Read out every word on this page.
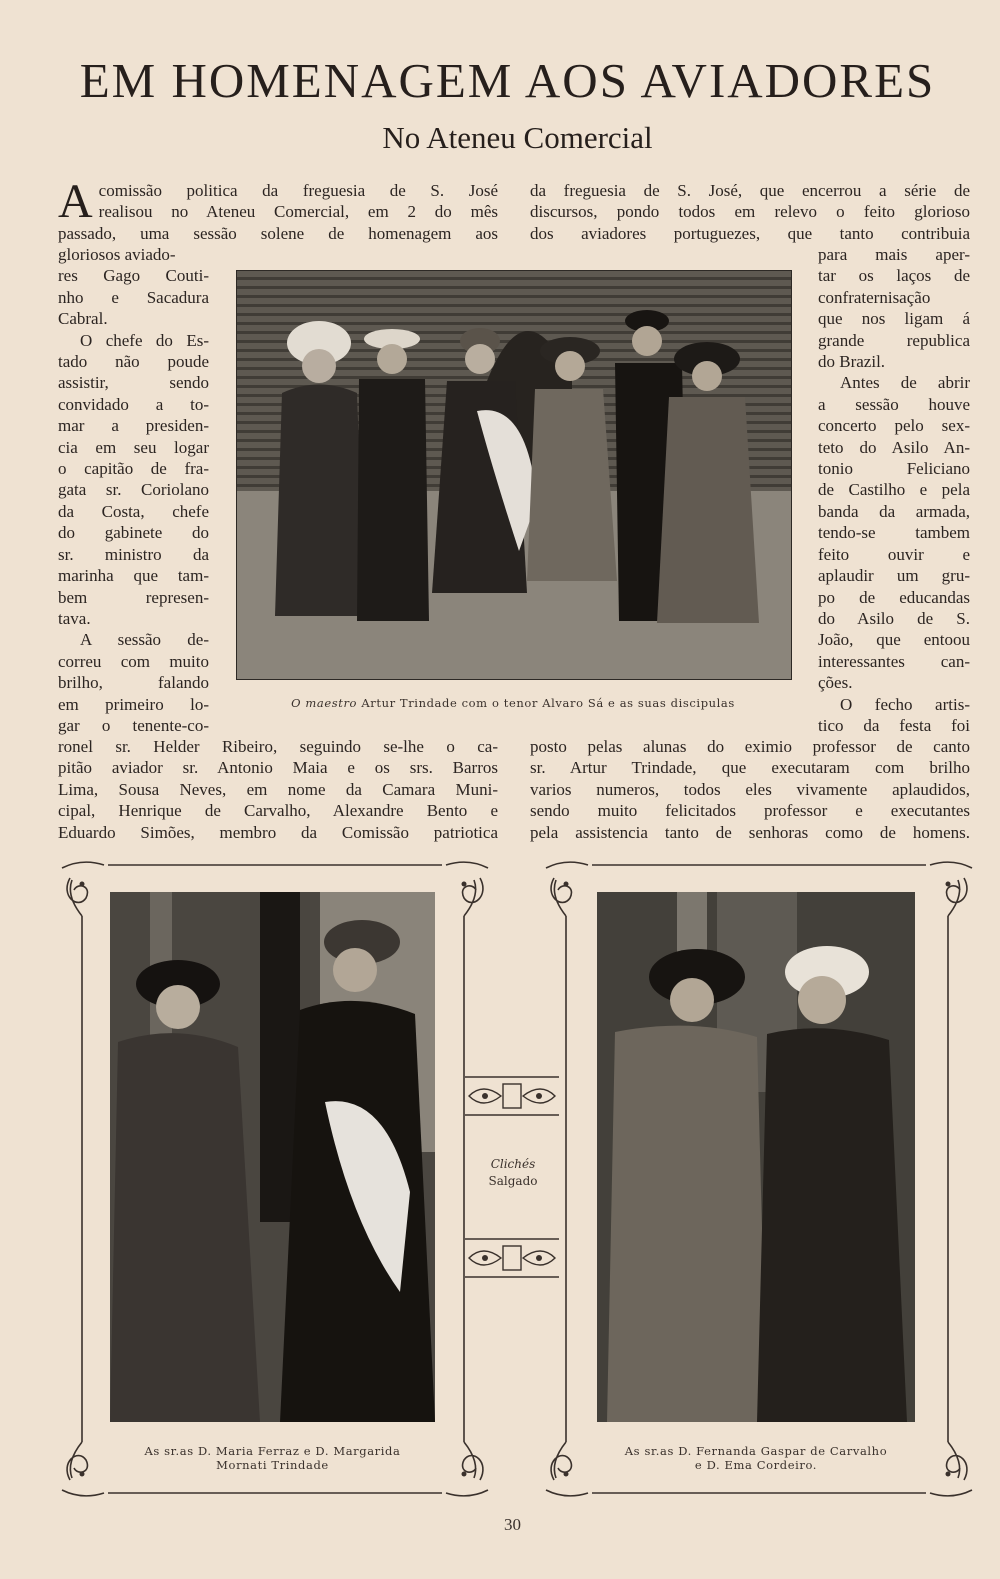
EM HOMENAGEM AOS AVIADORES
No Ateneu Comercial
A comissão politica da freguesia de S. José

realisou no Ateneu Comercial, em 2 do mês

passado, uma sessão solene de homenagem aos

gloriosos aviado-

res Gago Couti-

nho e Sacadura

Cabral.

O chefe do Es-

tado não poude

assistir, sendo

convidado a to-

mar a presiden-

cia em seu logar

o capitão de fra-

gata sr. Coriolano

da Costa, chefe

do gabinete do

sr. ministro da

marinha que tam-

bem represen-

tava.

A sessão de-

correu com muito

brilho, falando

em primeiro lo-

gar o tenente-co-

ronel sr. Helder Ribeiro, seguindo se-lhe o ca-

pitão aviador sr. Antonio Maia e os srs. Barros

Lima, Sousa Neves, em nome da Camara Muni-

cipal, Henrique de Carvalho, Alexandre Bento e

Eduardo Simões, membro da Comissão patriotica

da freguesia de S. José, que encerrou a série de

discursos, pondo todos em relevo o feito glorioso

dos aviadores portuguezes, que tanto contribuia

para mais aper-

tar os laços de

confraternisação

que nos ligam á

grande republica

do Brazil.

Antes de abrir

a sessão houve

concerto pelo sex-

teto do Asilo An-

tonio Feliciano

de Castilho e pela

banda da armada,

tendo-se tambem

feito ouvir e

aplaudir um gru-

po de educandas

do Asilo de S.

João, que entoou

interessantes can-

ções.

O fecho artis-

tico da festa foi

posto pelas alunas do eximio professor de canto

sr. Artur Trindade, que executaram com brilho

varios numeros, todos eles vivamente aplaudidos,

sendo muito felicitados professor e executantes

pela assistencia tanto de senhoras como de homens.

O maestro Artur Trindade com o tenor Alvaro Sá e as suas discipulas
As sr.as D. Maria Ferraz e D. Margarida
Mornati Trindade
As sr.as D. Fernanda Gaspar de Carvalho
e D. Ema Cordeiro.
Clichés
Salgado
30
